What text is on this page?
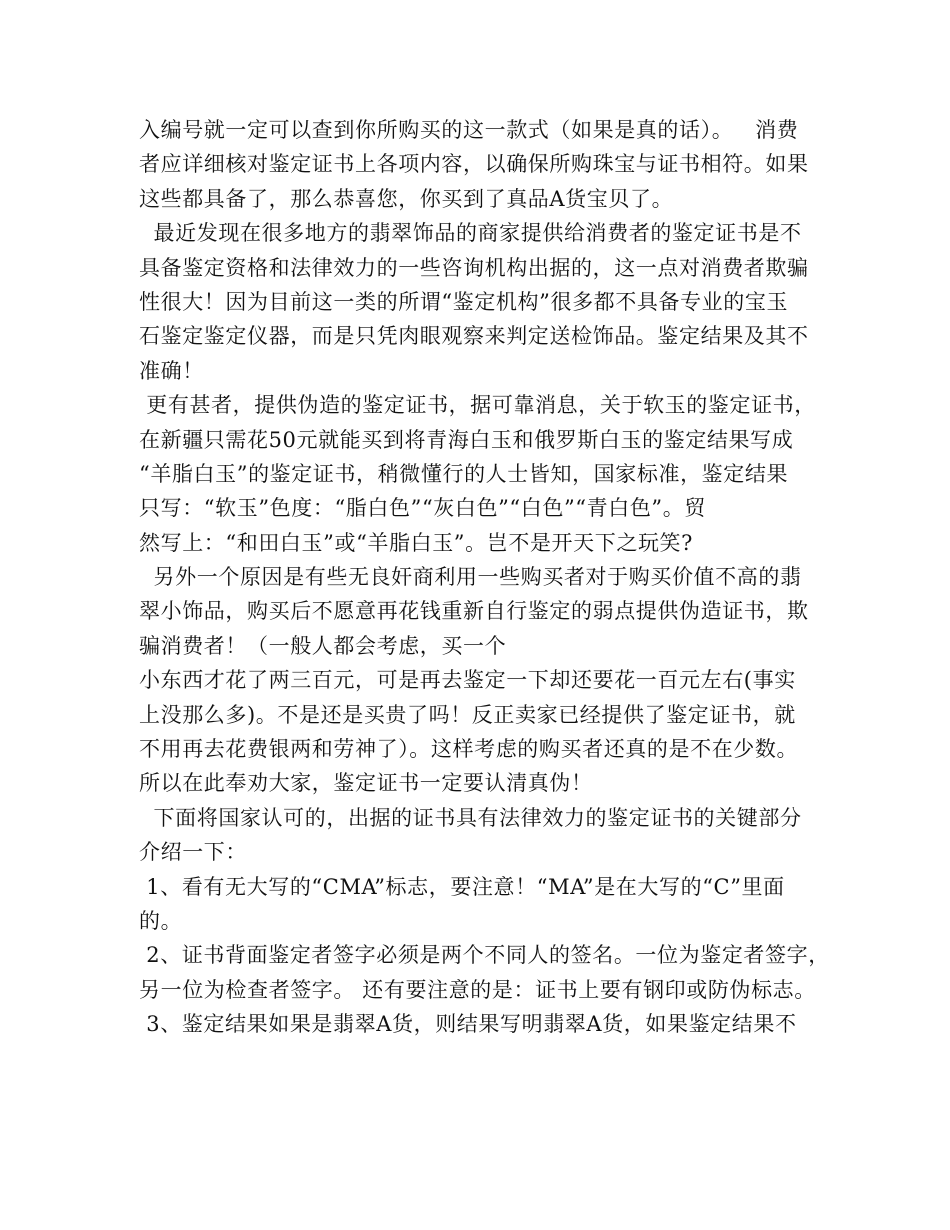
入编号就一定可以查到你所购买的这一款式（如果是真的话）。   消费
者应详细核对鉴定证书上各项内容，以确保所购珠宝与证书相符。如果
这些都具备了，那么恭喜您，你买到了真品A货宝贝了。
最近发现在很多地方的翡翠饰品的商家提供给消费者的鉴定证书是不
具备鉴定资格和法律效力的一些咨询机构出据的，这一点对消费者欺骗
性很大！因为目前这一类的所谓“鉴定机构”很多都不具备专业的宝玉
石鉴定鉴定仪器，而是只凭肉眼观察来判定送检饰品。鉴定结果及其不
准确！
更有甚者，提供伪造的鉴定证书，据可靠消息，关于软玉的鉴定证书，
在新疆只需花50元就能买到将青海白玉和俄罗斯白玉的鉴定结果写成
“羊脂白玉”的鉴定证书，稍微懂行的人士皆知，国家标准，鉴定结果
只写：“软玉”色度：“脂白色”“灰白色”“白色”“青白色”。贸
然写上：“和田白玉”或“羊脂白玉”。岂不是开天下之玩笑?
另外一个原因是有些无良奸商利用一些购买者对于购买价值不高的翡
翠小饰品，购买后不愿意再花钱重新自行鉴定的弱点提供伪造证书，欺
骗消费者！（一般人都会考虑，买一个
小东西才花了两三百元，可是再去鉴定一下却还要花一百元左右(事实
上没那么多)。不是还是买贵了吗！反正卖家已经提供了鉴定证书，就
不用再去花费银两和劳神了）。这样考虑的购买者还真的是不在少数。
所以在此奉劝大家，鉴定证书一定要认清真伪！
下面将国家认可的，出据的证书具有法律效力的鉴定证书的关键部分
介绍一下：
1、看有无大写的“CMA”标志，要注意！“MA”是在大写的“C”里面
的。
2、证书背面鉴定者签字必须是两个不同人的签名。一位为鉴定者签字，
另一位为检查者签字。 还有要注意的是：证书上要有钢印或防伪标志。
3、鉴定结果如果是翡翠A货，则结果写明翡翠A货，如果鉴定结果不
